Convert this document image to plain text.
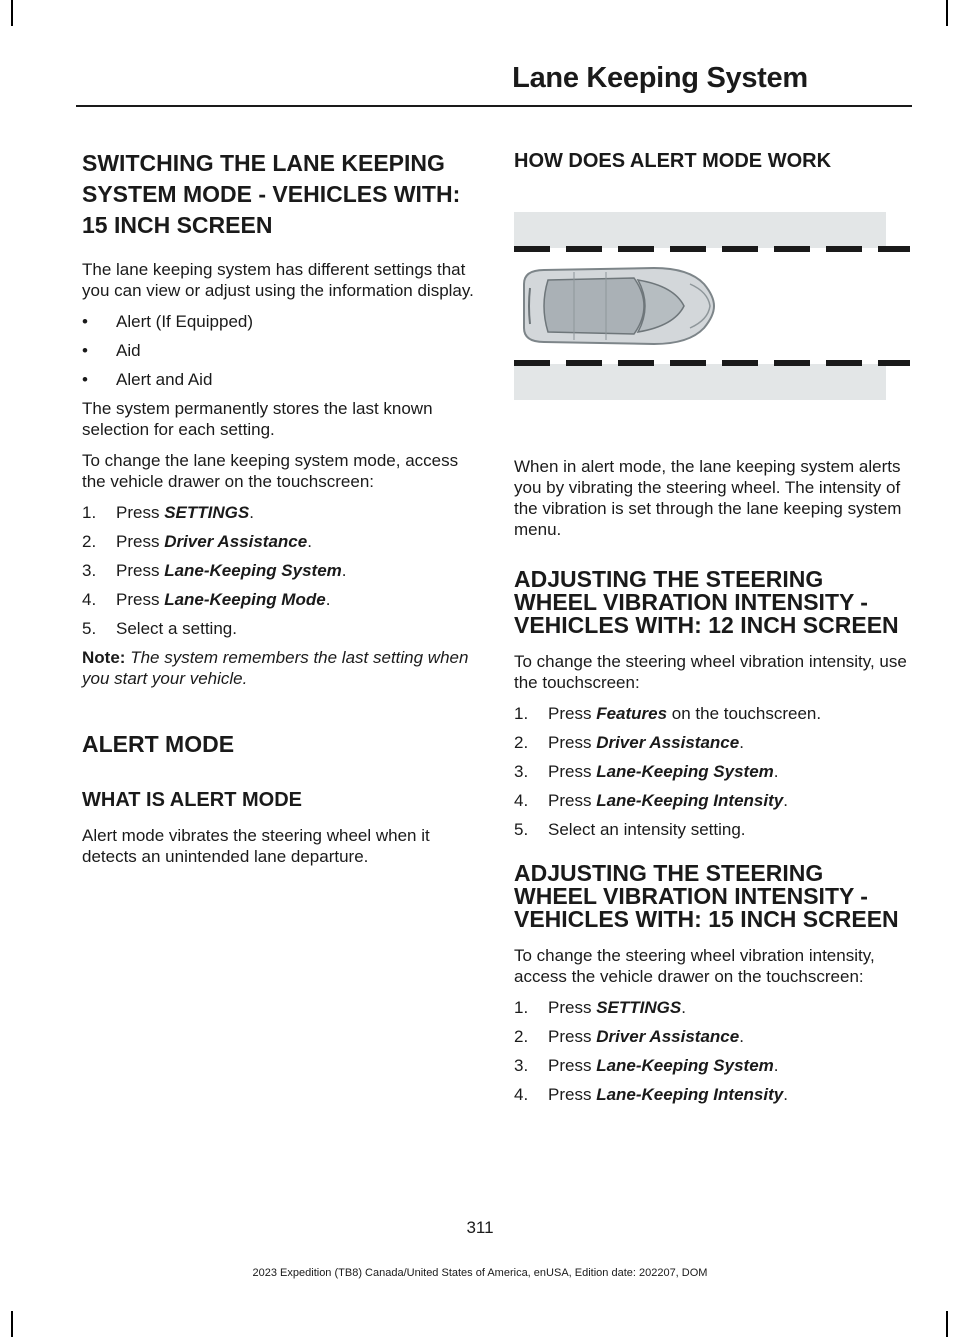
Lane Keeping System
SWITCHING THE LANE KEEPING SYSTEM MODE - VEHICLES WITH: 15 INCH SCREEN

The lane keeping system has different settings that you can view or adjust using the information display.

• Alert (If Equipped)
• Aid
• Alert and Aid

The system permanently stores the last known selection for each setting.

To change the lane keeping system mode, access the vehicle drawer on the touchscreen:

1. Press SETTINGS.
2. Press Driver Assistance.
3. Press Lane-Keeping System.
4. Press Lane-Keeping Mode.
5. Select a setting.

Note: The system remembers the last setting when you start your vehicle.

ALERT MODE
WHAT IS ALERT MODE

Alert mode vibrates the steering wheel when it detects an unintended lane departure.

HOW DOES ALERT MODE WORK

When in alert mode, the lane keeping system alerts you by vibrating the steering wheel. The intensity of the vibration is set through the lane keeping system menu.

ADJUSTING THE STEERING WHEEL VIBRATION INTENSITY - VEHICLES WITH: 12 INCH SCREEN

To change the steering wheel vibration intensity, use the touchscreen:

1. Press Features on the touchscreen.
2. Press Driver Assistance.
3. Press Lane-Keeping System.
4. Press Lane-Keeping Intensity.
5. Select an intensity setting.
ADJUSTING THE STEERING WHEEL VIBRATION INTENSITY - VEHICLES WITH: 15 INCH SCREEN

To change the steering wheel vibration intensity, access the vehicle drawer on the touchscreen:

1. Press SETTINGS.
2. Press Driver Assistance.
3. Press Lane-Keeping System.
4. Press Lane-Keeping Intensity.
311
2023 Expedition (TB8) Canada/United States of America, enUSA, Edition date: 202207, DOM
